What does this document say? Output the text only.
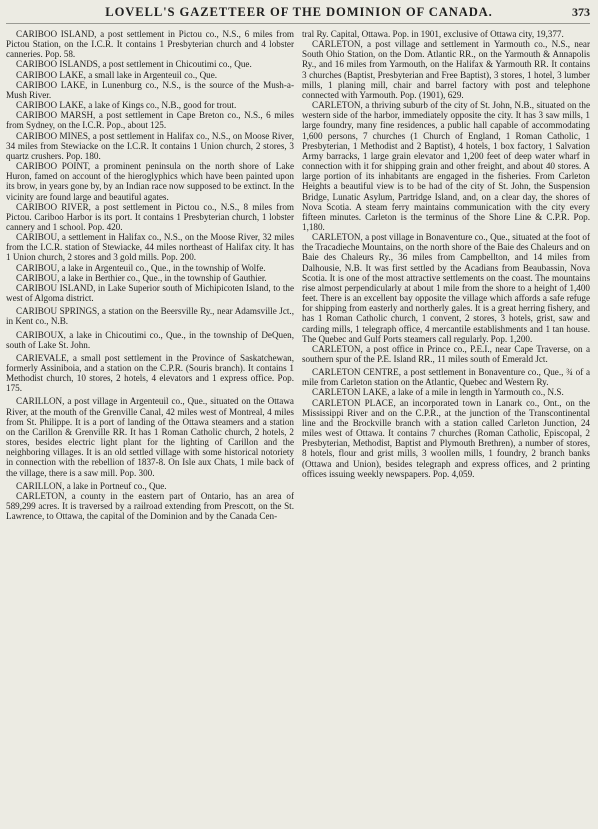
LOVELL'S GAZETTEER OF THE DOMINION OF CANADA.	373

CARIBOO ISLAND, a post settlement in Pictou co., N.S., 6 miles from Pictou Station, on the I.C.R. It contains 1 Presbyterian church and 4 lobster canneries. Pop. 58.

CARIBOO ISLANDS, a post settlement in Chicoutimi co., Que.

CARIBOO LAKE, a small lake in Argenteuil co., Que.

CARIBOO LAKE, in Lunenburg co., N.S., is the source of the Mush-a-Mush River.

CARIBOO LAKE, a lake of Kings co., N.B., good for trout.

CARIBOO MARSH, a post settlement in Cape Breton co., N.S., 6 miles from Sydney, on the I.C.R. Pop., about 125.

CARIBOO MINES, a post settlement in Halifax co., N.S., on Moose River, 34 miles from Stewiacke on the I.C.R. It contains 1 Union church, 2 stores, 3 quartz crushers. Pop. 180.

CARIBOO POINT, a prominent peninsula on the north shore of Lake Huron, famed on account of the hieroglyphics which have been painted upon its brow, in years gone by, by an Indian race now supposed to be extinct. In the vicinity are found large and beautiful agates.

CARIBOO RIVER, a post settlement in Pictou co., N.S., 8 miles from Pictou. Cariboo Harbor is its port. It contains 1 Presbyterian church, 1 lobster cannery and 1 school. Pop. 420.

CARIBOU, a settlement in Halifax co., N.S., on the Moose River, 32 miles from the I.C.R. station of Stewiacke, 44 miles northeast of Halifax city. It has 1 Union church, 2 stores and 3 gold mills. Pop. 200.

CARIBOU, a lake in Argenteuil co., Que., in the township of Wolfe.

CARIBOU, a lake in Berthier co., Que., in the township of Gauthier.

CARIBOU ISLAND, in Lake Superior south of Michipicoten Island, to the west of Algoma district.

CARIBOU SPRINGS, a station on the Beersville Ry., near Adamsville Jct., in Kent co., N.B.

CARIBOUX, a lake in Chicoutimi co., Que., in the township of DeQuen, south of Lake St. John.

CARIEVALE, a small post settlement in the Province of Saskatchewan, formerly Assiniboia, and a station on the C.P.R. (Souris branch). It contains 1 Methodist church, 10 stores, 2 hotels, 4 elevators and 1 express office. Pop. 175.

CARILLON, a post village in Argenteuil co., Que., situated on the Ottawa River, at the mouth of the Grenville Canal, 42 miles west of Montreal, 4 miles from St. Philippe. It is a port of landing of the Ottawa steamers and a station on the Carillon & Grenville RR. It has 1 Roman Catholic church, 2 hotels, 2 stores, besides electric light plant for the lighting of Carillon and the neighboring villages. It is an old settled village with some historical notoriety in connection with the rebellion of 1837-8. On Isle aux Chats, 1 mile back of the village, there is a saw mill. Pop. 300.

CARILLON, a lake in Portneuf co., Que.

CARLETON, a county in the eastern part of Ontario, has an area of 589,299 acres. It is traversed by a railroad extending from Prescott, on the St. Lawrence, to Ottawa, the capital of the Dominion and by the Canada Cen-

tral Ry. Capital, Ottawa. Pop. in 1901, exclusive of Ottawa city, 19,377.

CARLETON, a post village and settlement in Yarmouth co., N.S., near South Ohio Station, on the Dom. Atlantic RR., on the Yarmouth & Annapolis Ry., and 16 miles from Yarmouth, on the Halifax & Yarmouth RR. It contains 3 churches (Baptist, Presbyterian and Free Baptist), 3 stores, 1 hotel, 3 lumber mills, 1 planing mill, chair and barrel factory with post and telephone connected with Yarmouth. Pop. (1901), 629.

CARLETON, a thriving suburb of the city of St. John, N.B., situated on the western side of the harbor, immediately opposite the city. It has 3 saw mills, 1 large foundry, many fine residences, a public hall capable of accommodating 1,600 persons, 7 churches (1 Church of England, 1 Roman Catholic, 1 Presbyterian, 1 Methodist and 2 Baptist), 4 hotels, 1 box factory, 1 Salvation Army barracks, 1 large grain elevator and 1,200 feet of deep water wharf in connection with it for shipping grain and other freight, and about 40 stores. A large portion of its inhabitants are engaged in the fisheries. From Carleton Heights a beautiful view is to be had of the city of St. John, the Suspension Bridge, Lunatic Asylum, Partridge Island, and, on a clear day, the shores of Nova Scotia. A steam ferry maintains communication with the city every fifteen minutes. Carleton is the terminus of the Shore Line & C.P.R. Pop. 1,180.

CARLETON, a post village in Bonaventure co., Que., situated at the foot of the Tracadieche Mountains, on the north shore of the Baie des Chaleurs and on Baie des Chaleurs Ry., 36 miles from Campbellton, and 14 miles from Dalhousie, N.B. It was first settled by the Acadians from Beaubassin, Nova Scotia. It is one of the most attractive settlements on the coast. The mountains rise almost perpendicularly at about 1 mile from the shore to a height of 1,400 feet. There is an excellent bay opposite the village which affords a safe refuge for shipping from easterly and northerly gales. It is a great herring fishery, and has 1 Roman Catholic church, 1 convent, 2 stores, 3 hotels, grist, saw and carding mills, 1 telegraph office, 4 mercantile establishments and 1 tan house. The Quebec and Gulf Ports steamers call regularly. Pop. 1,200.

CARLETON, a post office in Prince co., P.E.I., near Cape Traverse, on a southern spur of the P.E. Island RR., 11 miles south of Emerald Jct.

CARLETON CENTRE, a post settlement in Bonaventure co., Que., ¾ of a mile from Carleton station on the Atlantic, Quebec and Western Ry.

CARLETON LAKE, a lake of a mile in length in Yarmouth co., N.S.

CARLETON PLACE, an incorporated town in Lanark co., Ont., on the Mississippi River and on the C.P.R., at the junction of the Transcontinental line and the Brockville branch with a station called Carleton Junction, 24 miles west of Ottawa. It contains 7 churches (Roman Catholic, Episcopal, 2 Presbyterian, Methodist, Baptist and Plymouth Brethren), a number of stores, 8 hotels, flour and grist mills, 3 woollen mills, 1 foundry, 2 branch banks (Ottawa and Union), besides telegraph and express offices, and 2 printing offices issuing weekly newspapers. Pop. 4,059.
